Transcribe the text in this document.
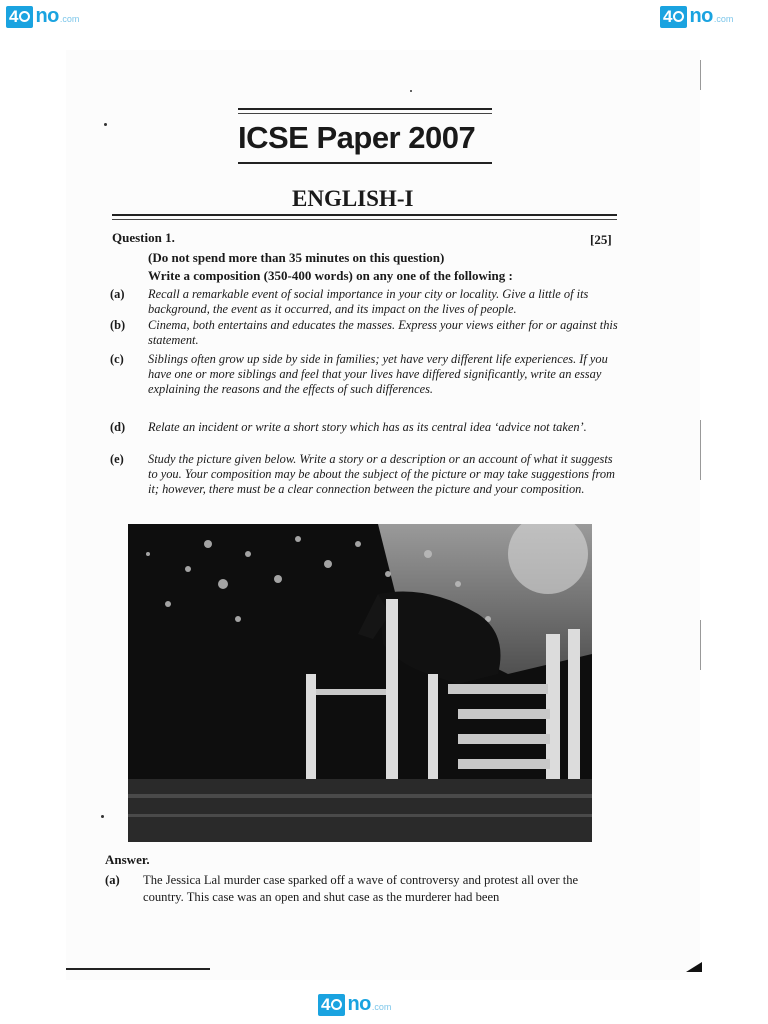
4 no .com	4 no .com
4 no .com
ICSE Paper 2007
ENGLISH-I
Question 1.	[25]
(Do not spend more than 35 minutes on this question)
Write a composition (350-400 words) on any one of the following :
(a)	Recall a remarkable event of social importance in your city or locality. Give a little of its background, the event as it occurred, and its impact on the lives of people.
(b)	Cinema, both entertains and educates the masses. Express your views either for or against this statement.
(c)	Siblings often grow up side by side in families; yet have very different life experiences. If you have one or more siblings and feel that your lives have differed significantly, write an essay explaining the reasons and the effects of such differences.
(d)	Relate an incident or write a short story which has as its central idea ‘advice not taken’.
(e)	Study the picture given below. Write a story or a description or an account of what it suggests to you. Your composition may be about the subject of the picture or may take suggestions from it; however, there must be a clear connection between the picture and your composition.
Answer.
(a)	The Jessica Lal murder case sparked off a wave of controversy and protest all over the country. This case was an open and shut case as the murderer had been
